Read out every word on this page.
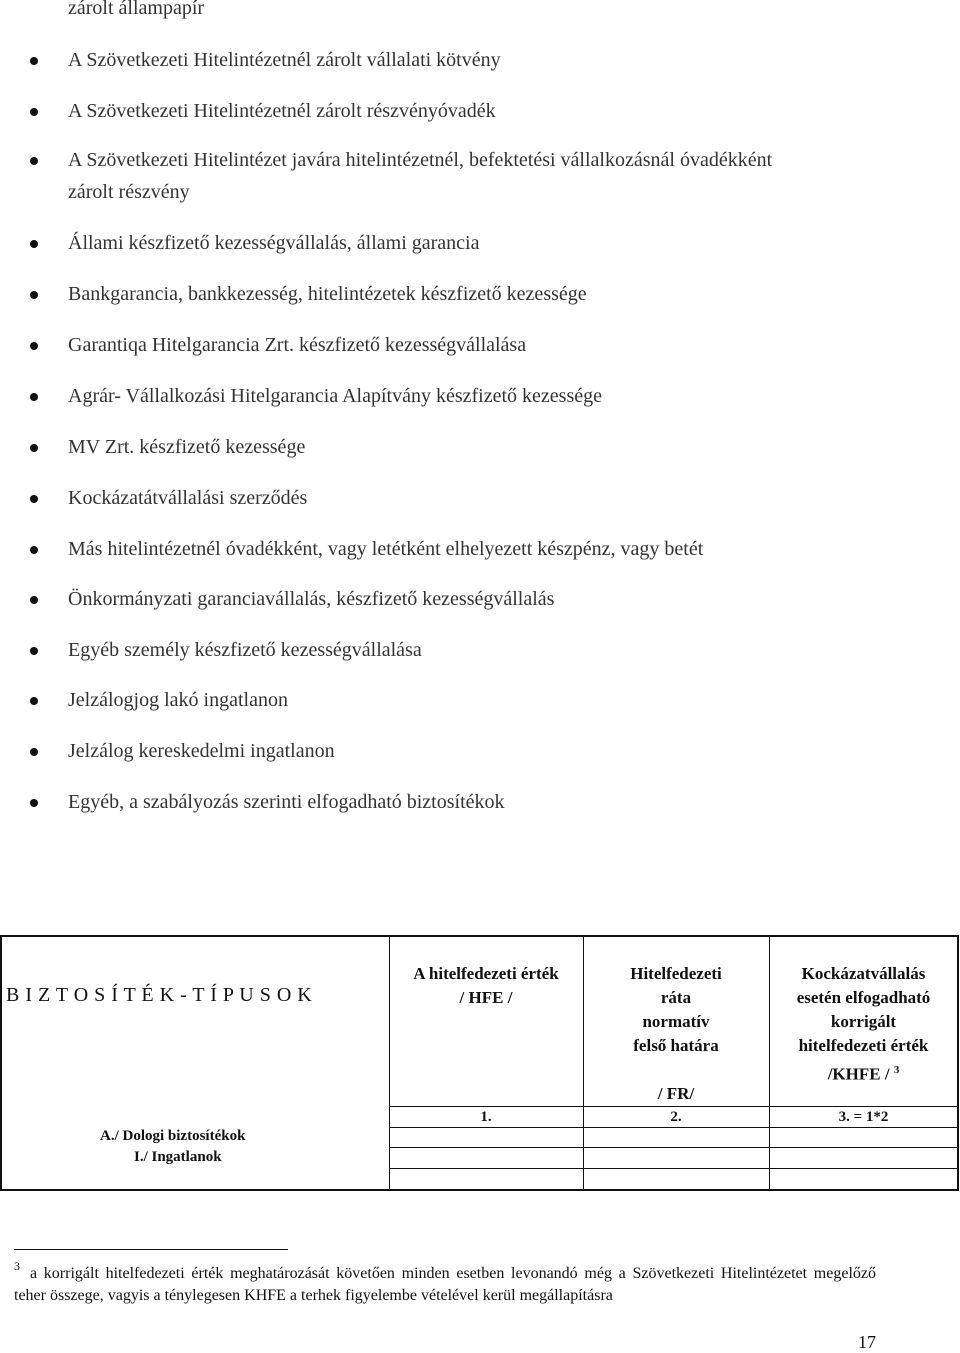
zárolt állampapír
A Szövetkezeti Hitelintézetnél zárolt vállalati kötvény
A Szövetkezeti Hitelintézetnél zárolt részvényóvadék
A Szövetkezeti Hitelintézet javára hitelintézetnél, befektetési vállalkozásnál óvadékként
zárolt részvény
Állami készfizető kezességvállalás, állami garancia
Bankgarancia, bankkezesség, hitelintézetek készfizető kezessége
Garantiqa Hitelgarancia Zrt. készfizető kezességvállalása
Agrár- Vállalkozási Hitelgarancia Alapítvány készfizető kezessége
MV Zrt. készfizető kezessége
Kockázatátvállalási szerződés
Más hitelintézetnél óvadékként, vagy letétként elhelyezett készpénz, vagy betét
Önkormányzati garanciavállalás, készfizető kezességvállalás
Egyéb személy készfizető kezességvállalása
Jelzálogjog lakó ingatlanon
Jelzálog kereskedelmi ingatlanon
Egyéb, a szabályozás szerinti elfogadható biztosítékok
B I Z T O S Í T É K - T Í P U S O K
A hitelfedezeti érték
/ HFE /
Hitelfedezeti
ráta
normatív
felső határa

/ FR/
Kockázatvállalás
esetén elfogadható
korrigált
hitelfedezeti érték
/KHFE / $^3$
1.	2.	3. = 1*2
A./ Dologi biztosítékok
I./ Ingatlanok
3 a korrigált hitelfedezeti érték meghatározását követően minden esetben levonandó még a Szövetkezeti Hitelintézetet megelőző teher összege, vagyis a ténylegesen KHFE a terhek figyelembe vételével kerül megállapításra
17
